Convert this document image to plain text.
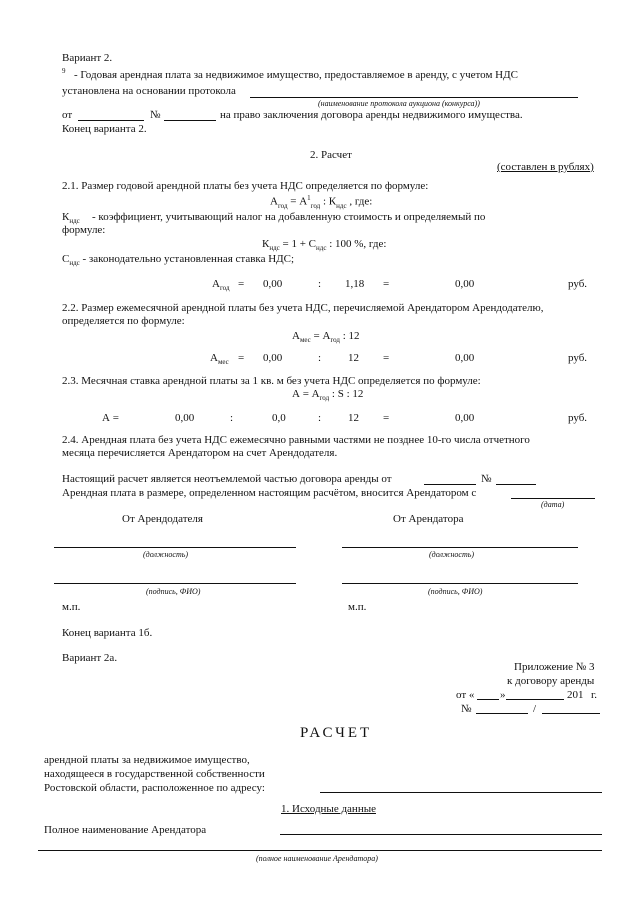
Вариант 2.
$^9$ - Годовая арендная плата за недвижимое имущество, предоставляемое в аренду, с учетом НДС
установлена на основании протокола
(наименование протокола аукциона (конкурса))
от	№	на право заключения договора аренды недвижимого имущества.
Конец варианта 2.
2. Расчет
(составлен в рублях)
2.1. Размер годовой арендной платы без учета НДС определяется по формуле:
$А_{год} = А^1_{год}$ : $К_{ндс}$ , где:
$К_{ндс}$ - коэффициент, учитывающий налог на добавленную стоимость и определяемый по
формуле:
$К_{ндс} = 1 + С_{ндс}$ : 100 %, где:
$С_{ндс}$ - законодательно установленная ставка НДС;
$А_{год} = 0,00$	: 1,18 =	0,00	руб.
2.2. Размер ежемесячной арендной платы без учета НДС, перечисляемой Арендатором Арендодателю,
определяется по формуле:
$А_{мес} = А_{год}$ : 12
$А_{мес} = 0,00$	: 12 =	0,00	руб.
2.3. Месячная ставка арендной платы за 1 кв. м без учета НДС определяется по формуле:
$А = А_{год}$ : S : 12
А =	0,00	:	0,0	: 12 =	0,00	руб.
2.4. Арендная плата без учета НДС ежемесячно равными частями не позднее 10-го числа отчетного
месяца перечисляется Арендатором на счет Арендодателя.
Настоящий расчет является неотъемлемой частью договора аренды от	№
Арендная плата в размере, определенном настоящим расчётом, вносится Арендатором с
(дата)
От Арендодателя	От Арендатора
(должность)	(должность)
(подпись, ФИО)	(подпись, ФИО)
м.п.	м.п.
Конец варианта 1б.
Вариант 2а.
Приложение № 3
к договору аренды
от « »	201 г.
№	/
РАСЧЕТ
арендной платы за недвижимое имущество,
находящееся в государственной собственности
Ростовской области, расположенное по адресу:
1. Исходные данные
Полное наименование Арендатора
(полное наименование Арендатора)
